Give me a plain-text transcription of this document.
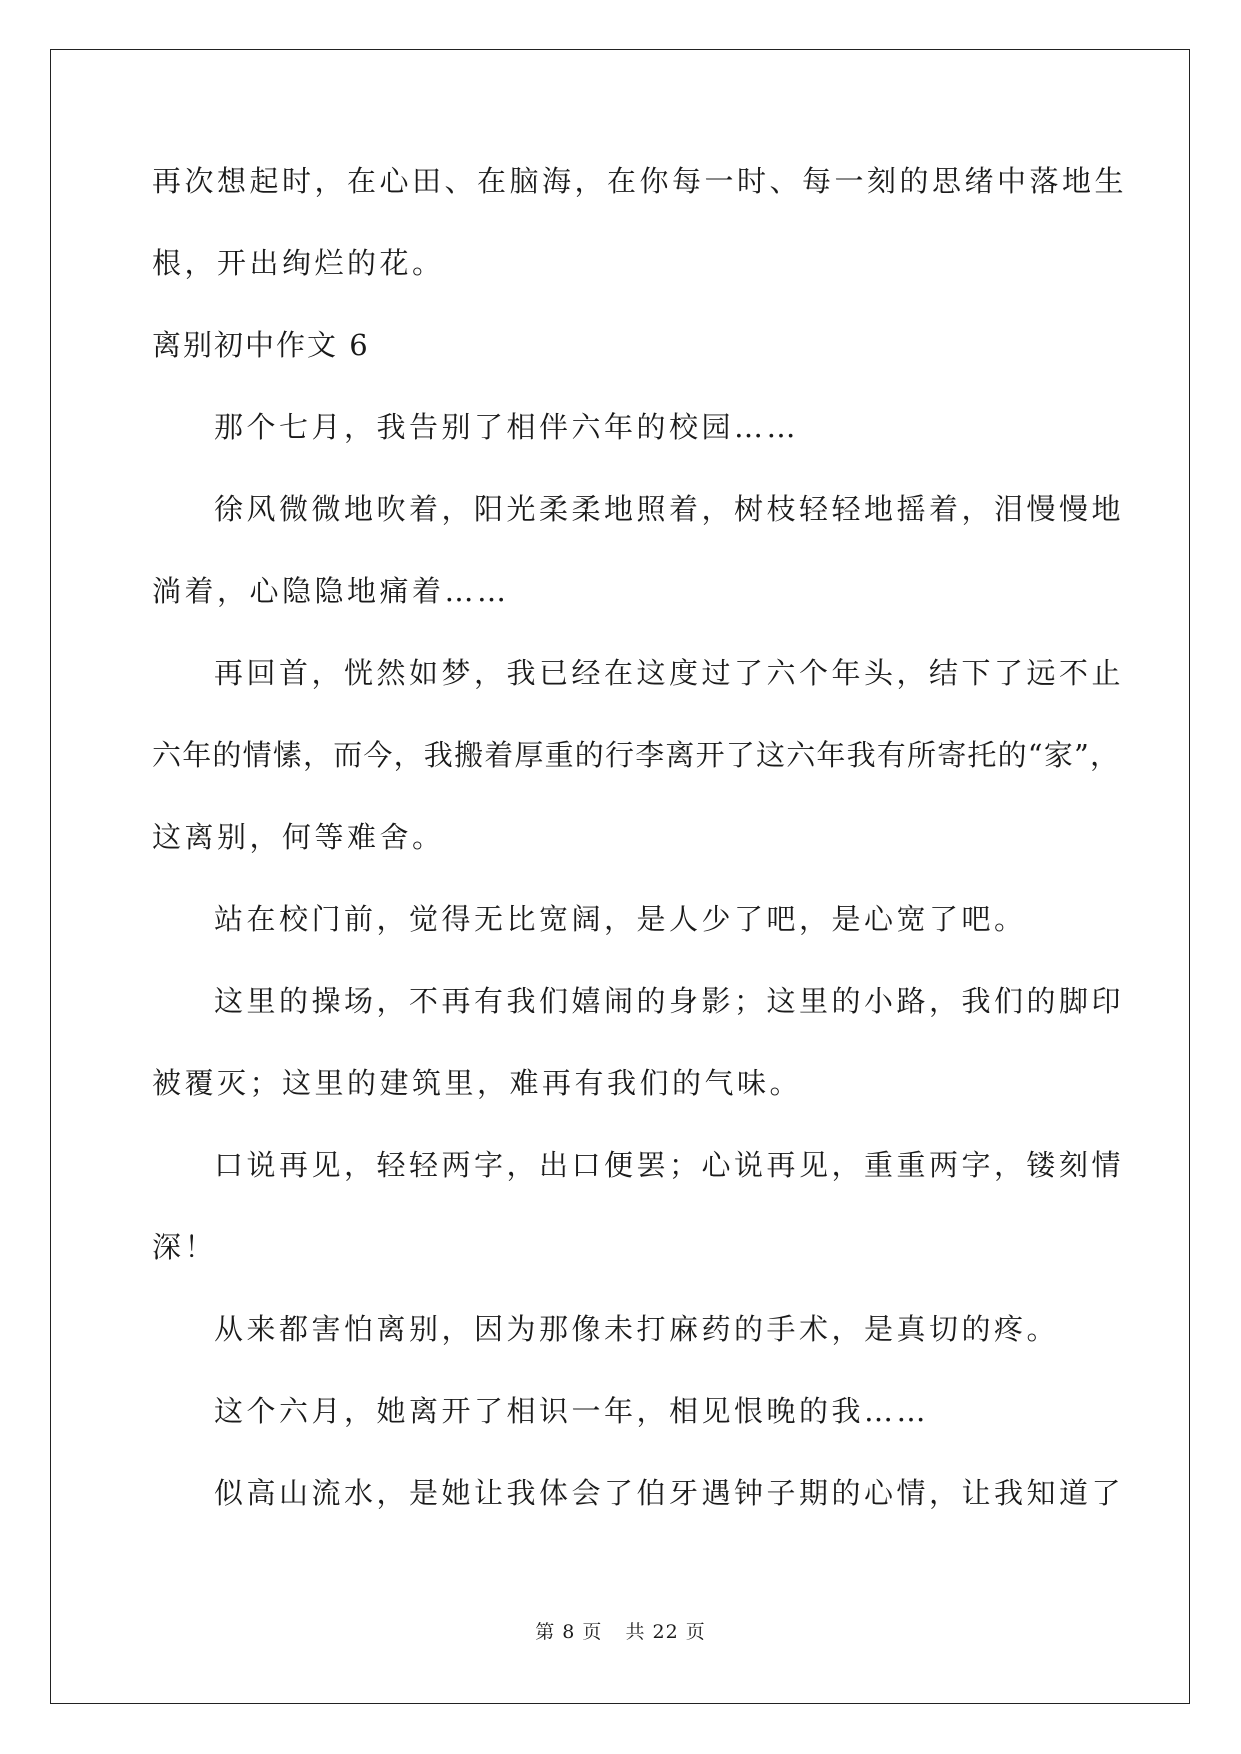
再次想起时，在心田、在脑海，在你每一时、每一刻的思绪中落地生
根，开出绚烂的花。
离别初中作文 6
那个七月，我告别了相伴六年的校园……
徐风微微地吹着，阳光柔柔地照着，树枝轻轻地摇着，泪慢慢地
淌着，心隐隐地痛着……
再回首，恍然如梦，我已经在这度过了六个年头，结下了远不止
六年的情愫，而今，我搬着厚重的行李离开了这六年我有所寄托的“家”，
这离别，何等难舍。
站在校门前，觉得无比宽阔，是人少了吧，是心宽了吧。
这里的操场，不再有我们嬉闹的身影；这里的小路，我们的脚印
被覆灭；这里的建筑里，难再有我们的气味。
口说再见，轻轻两字，出口便罢；心说再见，重重两字，镂刻情
深！
从来都害怕离别，因为那像未打麻药的手术，是真切的疼。
这个六月，她离开了相识一年，相见恨晚的我……
似高山流水，是她让我体会了伯牙遇钟子期的心情，让我知道了
第 8 页 共 22 页
